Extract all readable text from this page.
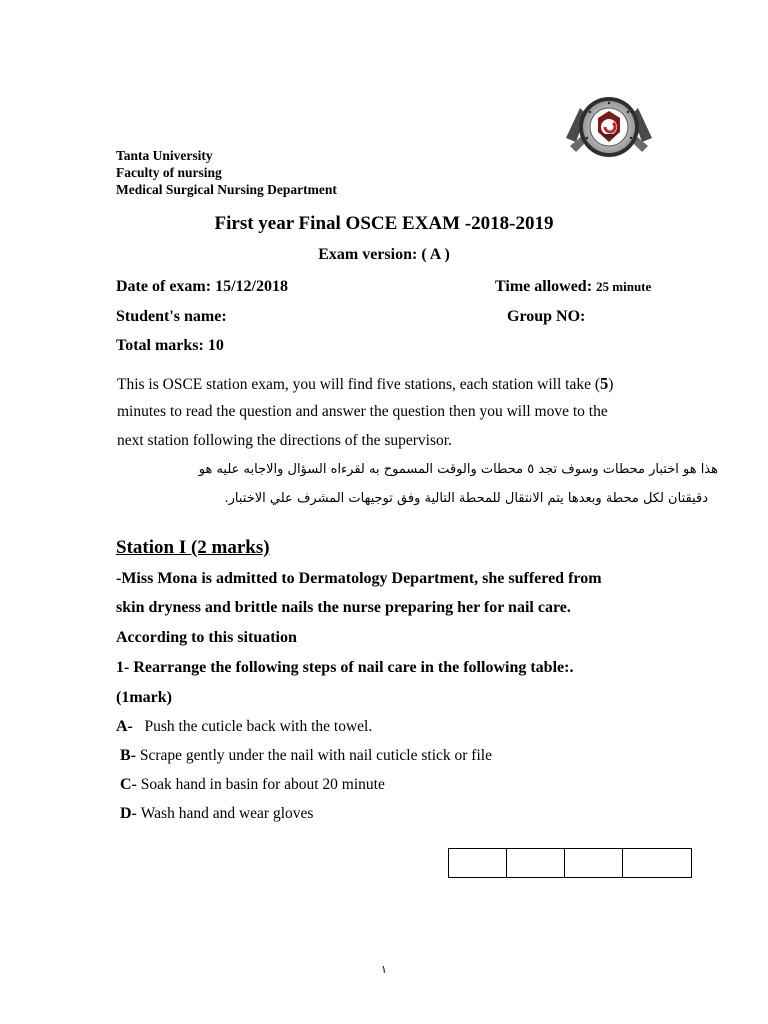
Tanta University
Faculty of nursing
Medical Surgical Nursing Department
First year Final OSCE EXAM -2018-2019
Exam version: ( A )
Date of exam: 15/12/2018	Time allowed: 25 minute
Student's name:	Group NO:
Total marks: 10
This is OSCE station exam, you will find five stations, each station will take (5)
minutes to read the question and answer the question then you will move to the
next station following the directions of the supervisor.
هذا هو اختبار محطات وسوف تجد ٥ محطات والوقت المسموح به لقرءاه السؤال والاجابه عليه هو
دقيقتان لكل محطة وبعدها يتم الانتقال للمحطة التالية وفق توجيهات المشرف علي الاختبار.
Station I (2 marks)
-Miss Mona is admitted to Dermatology Department, she suffered from
skin dryness and brittle nails the nurse preparing her for nail care.
According to this situation
1- Rearrange the following steps of nail care in the following table:.
(1mark)
A- Push the cuticle back with the towel.
B- Scrape gently under the nail with nail cuticle stick or file
C- Soak hand in basin for about 20 minute
D- Wash hand and wear gloves

١
